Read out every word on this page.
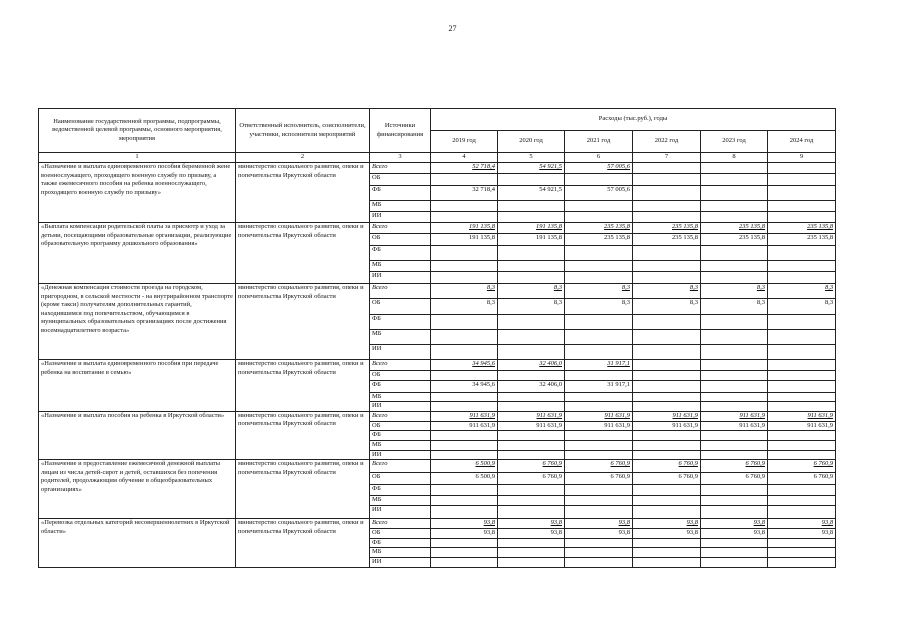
27
Наименование государственной программы, подпрограммы, ведомственной целевой программы, основного мероприятия, мероприятия	Ответственный исполнитель, соисполнители, участники, исполнители мероприятий	Источники финансирования	Расходы (тыс.руб.), годы					
			2019 год	2020 год	2021 год	2022 год	2023 год	2024 год
1	2	3	4	5	6	7	8	9
«Назначение и выплата единовременного пособия беременной жене военнослужащего, проходящего военную службу по призыву, а также ежемесячного пособия на ребенка военнослужащего, проходящего военную службу по призыву»	министерство социального развития, опеки и попечительства Иркутской области	Всего	52 718,4	54 921,5	57 005,6			
		ОБ						
		ФБ	32 718,4	54 921,5	57 005,6			
		МБ						
		ИИ						
«Выплата компенсации родительской платы за присмотр и уход за детьми, посещающими образовательные организации, реализующие образовательную программу дошкольного образования»	министерство социального развития, опеки и попечительства Иркутской области	Всего	191 135,8	191 135,8	235 135,8	235 135,8	235 135,8	235 135,8
		ОБ	191 135,8	191 135,8	235 135,8	235 135,8	235 135,8	235 135,8
		ФБ						
		МБ						
		ИИ						
«Денежная компенсация стоимости проезда на городском, пригородном, в сельской местности - на внутрирайонном транспорте (кроме такси) получателям дополнительных гарантий, находившимся под попечительством, обучающимся в муниципальных образовательных организациях после достижения восемнадцатилетнего возраста»	министерство социального развития, опеки и попечительства Иркутской области	Всего	8,3	8,3	8,3	8,3	8,3	8,3
		ОБ	8,3	8,3	8,3	8,3	8,3	8,3
		ФБ						
		МБ						
		ИИ						
«Назначение и выплата единовременного пособия при передаче ребенка на воспитание в семью»	министерство социального развития, опеки и попечительства Иркутской области	Всего	34 945,6	32 406,0	31 917,1			
		ОБ						
		ФБ	34 945,6	32 406,0	31 917,1			
		МБ						
		ИИ						
«Назначение и выплата пособия на ребенка в Иркутской области»	министерство социального развития, опеки и попечительства Иркутской области	Всего	911 631,9	911 631,9	911 631,9	911 631,9	911 631,9	911 631,9
		ОБ	911 631,9	911 631,9	911 631,9	911 631,9	911 631,9	911 631,9
		ФБ						
		МБ						
		ИИ						
«Назначение и предоставление ежемесячной денежной выплаты лицам из числа детей-сирот и детей, оставшихся без попечения родителей, продолжающим обучение в общеобразовательных организациях»	министерство социального развития, опеки и попечительства Иркутской области	Всего	6 500,9	6 760,9	6 760,9	6 760,9	6 760,9	6 760,9
		ОБ	6 500,9	6 760,9	6 760,9	6 760,9	6 760,9	6 760,9
		ФБ						
		МБ						
		ИИ						
«Перевозка отдельных категорий несовершеннолетних в Иркутской области»	министерство социального развития, опеки и попечительства Иркутской области	Всего	93,8	93,8	93,8	93,8	93,8	93,8
		ОБ	93,8	93,8	93,8	93,8	93,8	93,8
		ФБ						
		МБ						
		ИИ						
